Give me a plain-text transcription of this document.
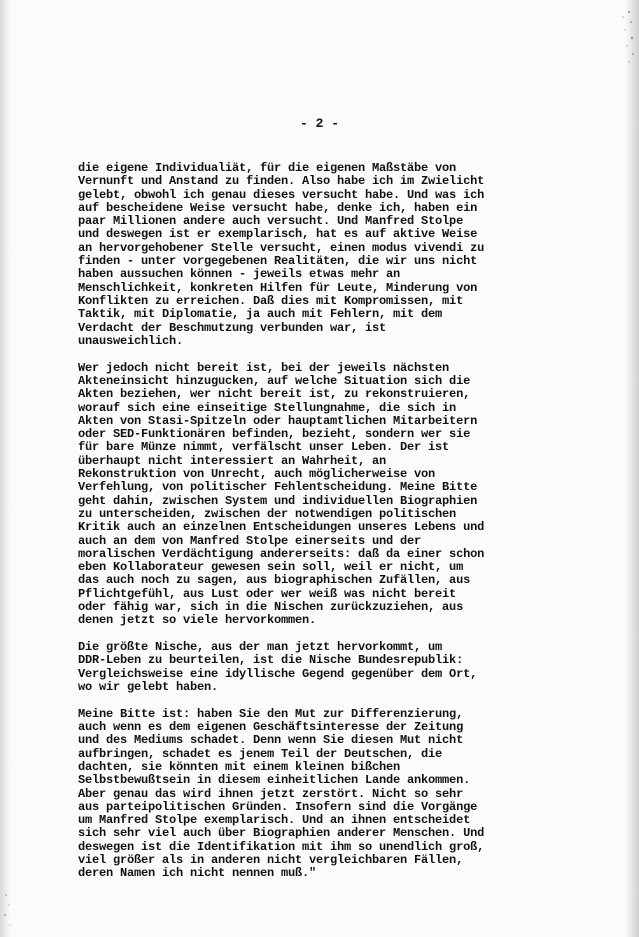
- 2 -
die eigene Individualiät, für die eigenen Maßstäbe von
Vernunft und Anstand zu finden. Also habe ich im Zwielicht
gelebt, obwohl ich genau dieses versucht habe. Und was ich
auf bescheidene Weise versucht habe, denke ich, haben ein
paar Millionen andere auch versucht. Und Manfred Stolpe
und deswegen ist er exemplarisch, hat es auf aktive Weise
an hervorgehobener Stelle versucht, einen modus vivendi zu
finden - unter vorgegebenen Realitäten, die wir uns nicht
haben aussuchen können - jeweils etwas mehr an
Menschlichkeit, konkreten Hilfen für Leute, Minderung von
Konflikten zu erreichen. Daß dies mit Kompromissen, mit
Taktik, mit Diplomatie, ja auch mit Fehlern, mit dem
Verdacht der Beschmutzung verbunden war, ist
unausweichlich.
Wer jedoch nicht bereit ist, bei der jeweils nächsten
Akteneinsicht hinzugucken, auf welche Situation sich die
Akten beziehen, wer nicht bereit ist, zu rekonstruieren,
worauf sich eine einseitige Stellungnahme, die sich in
Akten von Stasi-Spitzeln oder hauptamtlichen Mitarbeitern
oder SED-Funktionären befinden, bezieht, sondern wer sie
für bare Münze nimmt, verfälscht unser Leben. Der ist
überhaupt nicht interessiert an Wahrheit, an
Rekonstruktion von Unrecht, auch möglicherweise von
Verfehlung, von politischer Fehlentscheidung. Meine Bitte
geht dahin, zwischen System und individuellen Biographien
zu unterscheiden, zwischen der notwendigen politischen
Kritik auch an einzelnen Entscheidungen unseres Lebens und
auch an dem von Manfred Stolpe einerseits und der
moralischen Verdächtigung andererseits: daß da einer schon
eben Kollaborateur gewesen sein soll, weil er nicht, um
das auch noch zu sagen, aus biographischen Zufällen, aus
Pflichtgefühl, aus Lust oder wer weiß was nicht bereit
oder fähig war, sich in die Nischen zurückzuziehen, aus
denen jetzt so viele hervorkommen.
Die größte Nische, aus der man jetzt hervorkommt, um
DDR-Leben zu beurteilen, ist die Nische Bundesrepublik:
Vergleichsweise eine idyllische Gegend gegenüber dem Ort,
wo wir gelebt haben.
Meine Bitte ist: haben Sie den Mut zur Differenzierung,
auch wenn es dem eigenen Geschäftsinteresse der Zeitung
und des Mediums schadet. Denn wenn Sie diesen Mut nicht
aufbringen, schadet es jenem Teil der Deutschen, die
dachten, sie könnten mit einem kleinen bißchen
Selbstbewußtsein in diesem einheitlichen Lande ankommen.
Aber genau das wird ihnen jetzt zerstört. Nicht so sehr
aus parteipolitischen Gründen. Insofern sind die Vorgänge
um Manfred Stolpe exemplarisch. Und an ihnen entscheidet
sich sehr viel auch über Biographien anderer Menschen. Und
deswegen ist die Identifikation mit ihm so unendlich groß,
viel größer als in anderen nicht vergleichbaren Fällen,
deren Namen ich nicht nennen muß."
